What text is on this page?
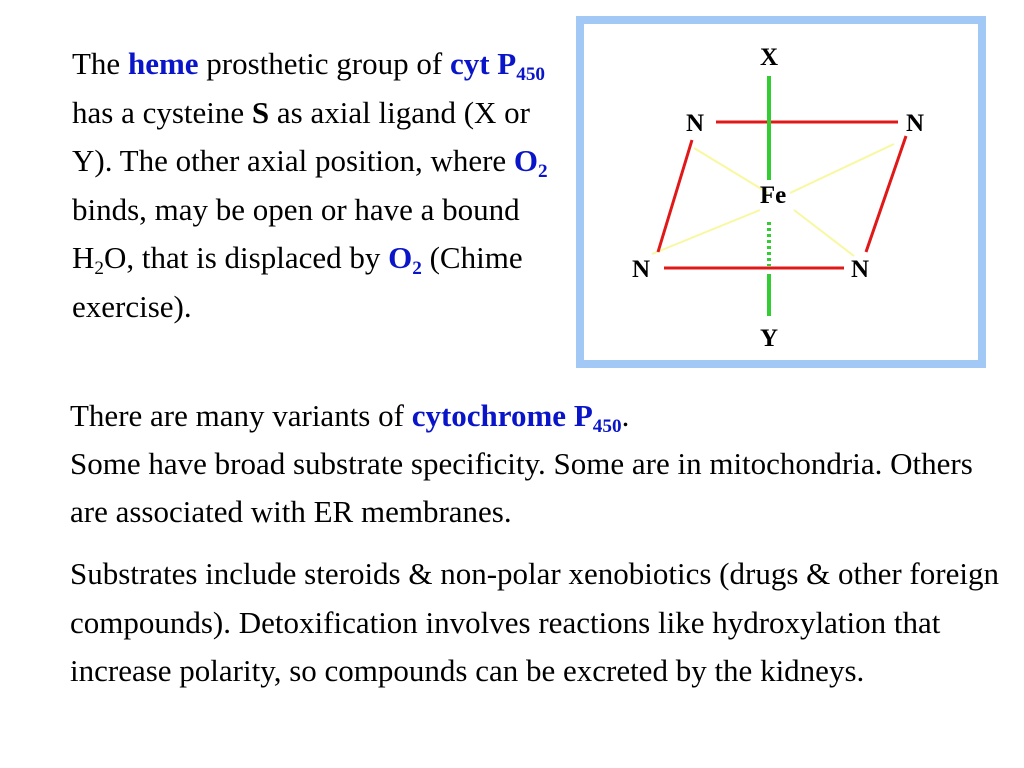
The heme prosthetic group of cyt $P_{450}$ has a cysteine S as axial ligand (X or Y). The other axial position, where $O_2$ binds, may be open or have a bound $H_2O$, that is displaced by $O_2$ (Chime exercise).

X
Y
Fe
N	N
N	N

There are many variants of cytochrome $P_{450}$.
Some have broad substrate specificity. Some are in mitochondria. Others are associated with ER membranes.

Substrates include steroids & non-polar xenobiotics (drugs & other foreign compounds). Detoxification involves reactions like hydroxylation that increase polarity, so compounds can be excreted by the kidneys.
